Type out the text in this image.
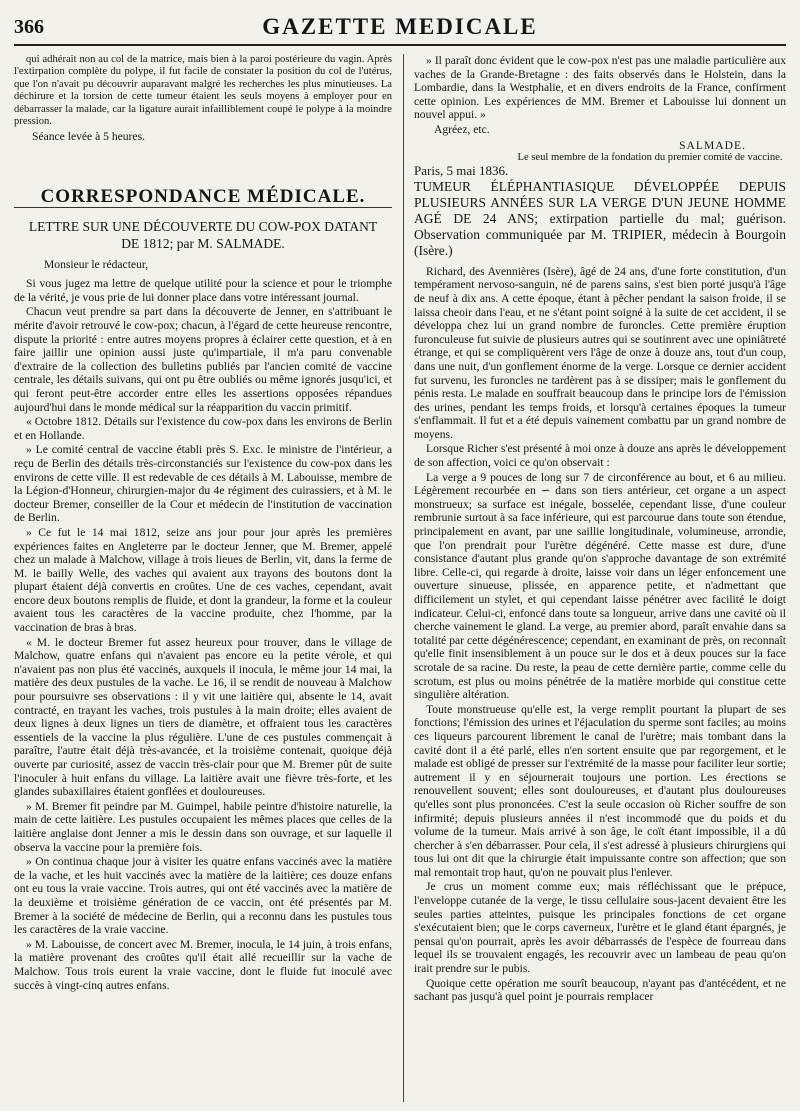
GAZETTE MEDICALE
366

qui adhérait non au col de la matrice, mais bien à la paroi postérieure du vagin. Après l'extirpation complète du polype, il fut facile de constater la position du col de l'utérus, que l'on n'avait pu découvrir auparavant malgré les recherches les plus minutieuses. La déchirure et la torsion de cette tumeur étaient les seuls moyens à employer pour en débarrasser la malade, car la ligature aurait infailliblement coupé le polype à la moindre pression.

Séance levée à 5 heures.

CORRESPONDANCE MÉDICALE.
LETTRE SUR UNE DÉCOUVERTE DU COW-POX DATANT DE 1812; par M. SALMADE.

Monsieur le rédacteur,

Si vous jugez ma lettre de quelque utilité pour la science et pour le triomphe de la vérité, je vous prie de lui donner place dans votre intéressant journal.

Chacun veut prendre sa part dans la découverte de Jenner, en s'attribuant le mérite d'avoir retrouvé le cow-pox; chacun, à l'égard de cette heureuse rencontre, dispute la priorité : entre autres moyens propres à éclairer cette question, et à en faire jaillir une opinion aussi juste qu'impartiale, il m'a paru convenable d'extraire de la collection des bulletins publiés par l'ancien comité de vaccine centrale, les détails suivans, qui ont pu être oubliés ou même ignorés jusqu'ici, et qui feront peut-être accorder entre elles les assertions opposées répandues aujourd'hui dans le monde médical sur la réapparition du vaccin primitif.

« Octobre 1812. Détails sur l'existence du cow-pox dans les environs de Berlin et en Hollande.

» Le comité central de vaccine établi près S. Exc. le ministre de l'intérieur, a reçu de Berlin des détails très-circonstanciés sur l'existence du cow-pox dans les environs de cette ville. Il est redevable de ces détails à M. Labouisse, membre de la Légion-d'Honneur, chirurgien-major du 4e régiment des cuirassiers, et à M. le docteur Bremer, conseiller de la Cour et médecin de l'institution de vaccination de Berlin.

» Ce fut le 14 mai 1812, seize ans jour pour jour après les premières expériences faites en Angleterre par le docteur Jenner, que M. Bremer, appelé chez un malade à Malchow, village à trois lieues de Berlin, vit, dans la ferme de M. le bailly Welle, des vaches qui avaient aux trayons des boutons dont la plupart étaient déjà convertis en croûtes. Une de ces vaches, cependant, avait encore deux boutons remplis de fluide, et dont la grandeur, la forme et la couleur avaient tous les caractères de la vaccine produite, chez l'homme, par la vaccination de bras à bras.

« M. le docteur Bremer fut assez heureux pour trouver, dans le village de Malchow, quatre enfans qui n'avaient pas encore eu la petite vérole, et qui n'avaient pas non plus été vaccinés, auxquels il inocula, le même jour 14 mai, la matière des deux pustules de la vache. Le 16, il se rendit de nouveau à Malchow pour poursuivre ses observations : il y vit une laitière qui, absente le 14, avait contracté, en trayant les vaches, trois pustules à la main droite; elles avaient de deux lignes à deux lignes un tiers de diamètre, et offraient tous les caractères essentiels de la vaccine la plus régulière. L'une de ces pustules commençait à paraître, l'autre était déjà très-avancée, et la troisième contenait, quoique déjà ouverte par curiosité, assez de vaccin très-clair pour que M. Bremer pût de suite l'inoculer à huit enfans du village. La laitière avait une fièvre très-forte, et les glandes subaxillaires étaient gonflées et douloureuses.

» M. Bremer fit peindre par M. Guimpel, habile peintre d'histoire naturelle, la main de cette laitière. Les pustules occupaient les mêmes places que celles de la laitière anglaise dont Jenner a mis le dessin dans son ouvrage, et sur laquelle il observa la vaccine pour la première fois.

» On continua chaque jour à visiter les quatre enfans vaccinés avec la matière de la vache, et les huit vaccinés avec la matière de la laitière; ces douze enfans ont eu tous la vraie vaccine. Trois autres, qui ont été vaccinés avec la matière de la deuxième et troisième génération de ce vaccin, ont été présentés par M. Bremer à la société de médecine de Berlin, qui a reconnu dans les pustules tous les caractères de la vraie vaccine.

» M. Labouisse, de concert avec M. Bremer, inocula, le 14 juin, à trois enfans, la matière provenant des croûtes qu'il était allé recueillir sur la vache de Malchow. Tous trois eurent la vraie vaccine, dont le fluide fut inoculé avec succès à vingt-cinq autres enfans.

» Il paraît donc évident que le cow-pox n'est pas une maladie particulière aux vaches de la Grande-Bretagne : des faits observés dans le Holstein, dans la Lombardie, dans la Westphalie, et en divers endroits de la France, confirment cette opinion. Les expériences de MM. Bremer et Labouisse lui donnent un nouvel appui. »

Agréez, etc.

SALMADE.
Le seul membre de la fondation du premier comité de vaccine.

Paris, 5 mai 1836.

TUMEUR ÉLÉPHANTIASIQUE DÉVELOPPÉE DEPUIS PLUSIEURS ANNÉES SUR LA VERGE D'UN JEUNE HOMME AGÉ DE 24 ANS; extirpation partielle du mal; guérison. Observation communiquée par M. TRIPIER, médecin à Bourgoin (Isère.)

Richard, des Avennières (Isère), âgé de 24 ans, d'une forte constitution, d'un tempérament nervoso-sanguin, né de parens sains, s'est bien porté jusqu'à l'âge de neuf à dix ans. A cette époque, étant à pêcher pendant la saison froide, il se laissa cheoir dans l'eau, et ne s'étant point soigné à la suite de cet accident, il se développa chez lui un grand nombre de furoncles. Cette première éruption furonculeuse fut suivie de plusieurs autres qui se soutinrent avec une opiniâtreté étrange, et qui se compliquèrent vers l'âge de onze à douze ans, tout d'un coup, dans une nuit, d'un gonflement énorme de la verge. Lorsque ce dernier accident fut survenu, les furoncles ne tardèrent pas à se dissiper; mais le gonflement du pénis resta. Le malade en souffrait beaucoup dans le principe lors de l'émission des urines, pendant les temps froids, et lorsqu'à certaines époques la tumeur s'enflammait. Il fut et a été depuis vainement combattu par un grand nombre de moyens.

Lorsque Richer s'est présenté à moi onze à douze ans après le développement de son affection, voici ce qu'on observait :

La verge a 9 pouces de long sur 7 de circonférence au bout, et 6 au milieu. Légèrement recourbée en ∽ dans son tiers antérieur, cet organe a un aspect monstrueux; sa surface est inégale, bosselée, cependant lisse, d'une couleur rembrunie surtout à sa face inférieure, qui est parcourue dans toute son étendue, principalement en avant, par une saillie longitudinale, volumineuse, arrondie, que l'on prendrait pour l'urètre dégénéré. Cette masse est dure, d'une consistance d'autant plus grande qu'on s'approche davantage de son extrémité libre. Celle-ci, qui regarde à droite, laisse voir dans un léger enfoncement une ouverture sinueuse, plissée, en apparence petite, et n'admettant que difficilement un stylet, et qui cependant laisse pénétrer avec facilité le doigt indicateur. Celui-ci, enfoncé dans toute sa longueur, arrive dans une cavité où il cherche vainement le gland. La verge, au premier abord, paraît envahie dans sa totalité par cette dégénérescence; cependant, en examinant de près, on reconnaît qu'elle finit insensiblement à un pouce sur le dos et à deux pouces sur la face scrotale de sa racine. Du reste, la peau de cette dernière partie, comme celle du scrotum, est plus ou moins pénétrée de la matière morbide qui constitue cette singulière altération.

Toute monstrueuse qu'elle est, la verge remplit pourtant la plupart de ses fonctions; l'émission des urines et l'éjaculation du sperme sont faciles; au moins ces liqueurs parcourent librement le canal de l'urètre; mais tombant dans la cavité dont il a été parlé, elles n'en sortent ensuite que par regorgement, et le malade est obligé de presser sur l'extrémité de la masse pour faciliter leur sortie; autrement il y en séjournerait toujours une portion. Les érections se renouvellent souvent; elles sont douloureuses, et d'autant plus douloureuses qu'elles sont plus prononcées. C'est la seule occasion où Richer souffre de son infirmité; depuis plusieurs années il n'est incommodé que du poids et du volume de la tumeur. Mais arrivé à son âge, le coït étant impossible, il a dû chercher à s'en débarrasser. Pour cela, il s'est adressé à plusieurs chirurgiens qui tous lui ont dit que la chirurgie était impuissante contre son affection; que son mal remontait trop haut, qu'on ne pouvait plus l'enlever.

Je crus un moment comme eux; mais réfléchissant que le prépuce, l'enveloppe cutanée de la verge, le tissu cellulaire sous-jacent devaient être les seules parties atteintes, puisque les principales fonctions de cet organe s'exécutaient bien; que le corps caverneux, l'urètre et le gland étant épargnés, je pensai qu'on pourrait, après les avoir débarrassés de l'espèce de fourreau dans lequel ils se trouvaient engagés, les recouvrir avec un lambeau de peau qu'on irait prendre sur le pubis.

Quoique cette opération me sourît beaucoup, n'ayant pas d'antécédent, et ne sachant pas jusqu'à quel point je pourrais remplacer
